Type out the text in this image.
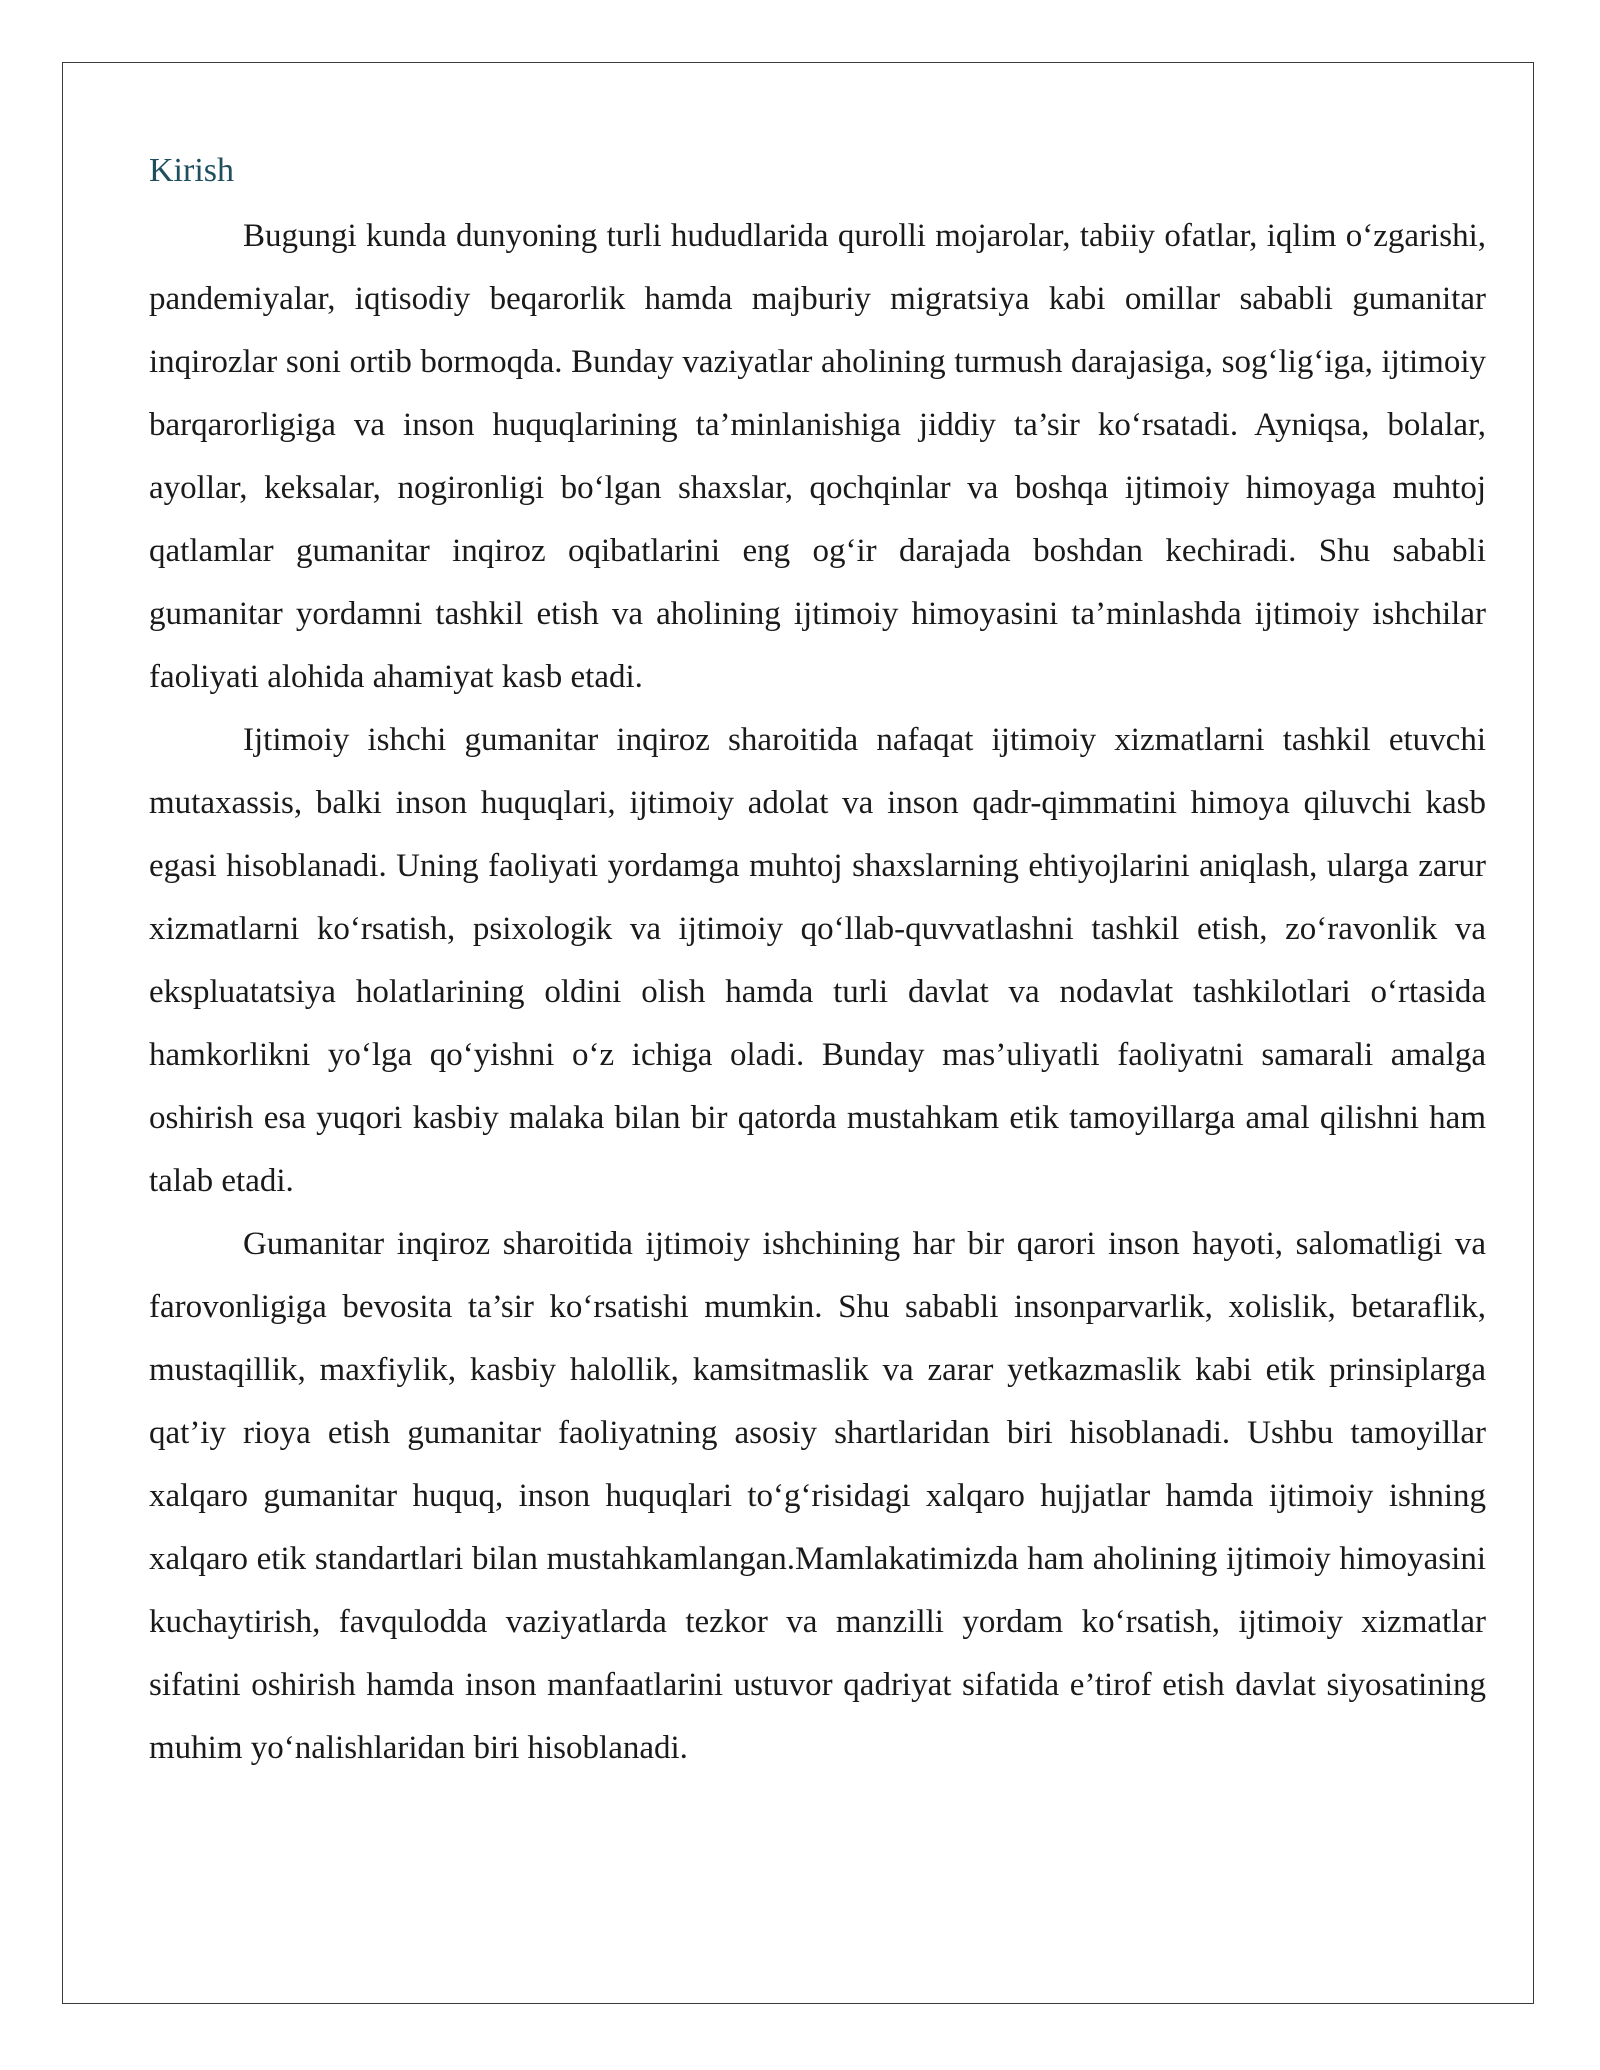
Kirish

Bugungi kunda dunyoning turli hududlarida qurolli mojarolar, tabiiy ofatlar, iqlim o‘zgarishi, pandemiyalar, iqtisodiy beqarorlik hamda majburiy migratsiya kabi omillar sababli gumanitar inqirozlar soni ortib bormoqda. Bunday vaziyatlar aholining turmush darajasiga, sog‘lig‘iga, ijtimoiy barqarorligiga va inson huquqlarining ta’minlanishiga jiddiy ta’sir ko‘rsatadi. Ayniqsa, bolalar, ayollar, keksalar, nogironligi bo‘lgan shaxslar, qochqinlar va boshqa ijtimoiy himoyaga muhtoj qatlamlar gumanitar inqiroz oqibatlarini eng og‘ir darajada boshdan kechiradi. Shu sababli gumanitar yordamni tashkil etish va aholining ijtimoiy himoyasini ta’minlashda ijtimoiy ishchilar faoliyati alohida ahamiyat kasb etadi.

Ijtimoiy ishchi gumanitar inqiroz sharoitida nafaqat ijtimoiy xizmatlarni tashkil etuvchi mutaxassis, balki inson huquqlari, ijtimoiy adolat va inson qadr-qimmatini himoya qiluvchi kasb egasi hisoblanadi. Uning faoliyati yordamga muhtoj shaxslarning ehtiyojlarini aniqlash, ularga zarur xizmatlarni ko‘rsatish, psixologik va ijtimoiy qo‘llab-quvvatlashni tashkil etish, zo‘ravonlik va ekspluatatsiya holatlarining oldini olish hamda turli davlat va nodavlat tashkilotlari o‘rtasida hamkorlikni yo‘lga qo‘yishni o‘z ichiga oladi. Bunday mas’uliyatli faoliyatni samarali amalga oshirish esa yuqori kasbiy malaka bilan bir qatorda mustahkam etik tamoyillarga amal qilishni ham talab etadi.

Gumanitar inqiroz sharoitida ijtimoiy ishchining har bir qarori inson hayoti, salomatligi va farovonligiga bevosita ta’sir ko‘rsatishi mumkin. Shu sababli insonparvarlik, xolislik, betaraflik, mustaqillik, maxfiylik, kasbiy halollik, kamsitmaslik va zarar yetkazmaslik kabi etik prinsiplarga qat’iy rioya etish gumanitar faoliyatning asosiy shartlaridan biri hisoblanadi. Ushbu tamoyillar xalqaro gumanitar huquq, inson huquqlari to‘g‘risidagi xalqaro hujjatlar hamda ijtimoiy ishning xalqaro etik standartlari bilan mustahkamlangan.Mamlakatimizda ham aholining ijtimoiy himoyasini kuchaytirish, favqulodda vaziyatlarda tezkor va manzilli yordam ko‘rsatish, ijtimoiy xizmatlar sifatini oshirish hamda inson manfaatlarini ustuvor qadriyat sifatida e’tirof etish davlat siyosatining muhim yo‘nalishlaridan biri hisoblanadi.
